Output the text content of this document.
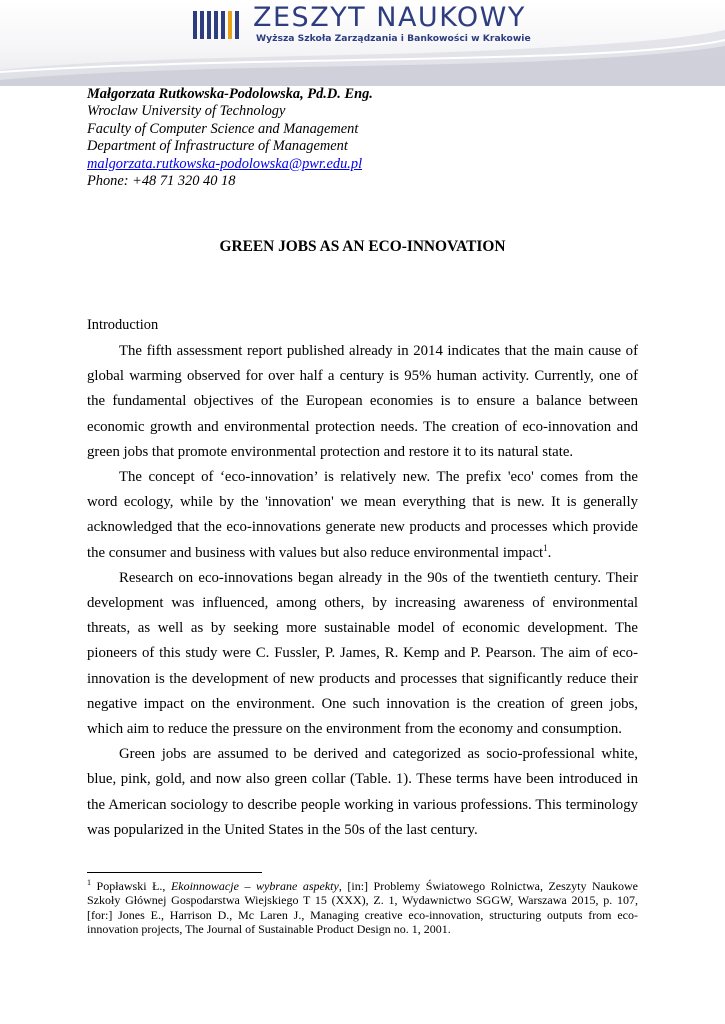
ZESZYT NAUKOWY
Wyższa Szkoła Zarządzania i Bankowości w Krakowie
Małgorzata Rutkowska-Podolowska, Pd.D. Eng.
Wroclaw University of Technology
Faculty of Computer Science and Management
Department of Infrastructure of Management
malgorzata.rutkowska-podolowska@pwr.edu.pl
Phone: +48 71 320 40 18
GREEN JOBS AS AN ECO-INNOVATION
Introduction

The fifth assessment report published already in 2014 indicates that the main cause of global warming observed for over half a century is 95% human activity. Currently, one of the fundamental objectives of the European economies is to ensure a balance between economic growth and environmental protection needs. The creation of eco-innovation and green jobs that promote environmental protection and restore it to its natural state.

The concept of ‘eco-innovation’ is relatively new. The prefix 'eco' comes from the word ecology, while by the 'innovation' we mean everything that is new. It is generally acknowledged that the eco-innovations generate new products and processes which provide the consumer and business with values but also reduce environmental impact$^1$.

Research on eco-innovations began already in the 90s of the twentieth century. Their development was influenced, among others, by increasing awareness of environmental threats, as well as by seeking more sustainable model of economic development. The pioneers of this study were C. Fussler, P. James, R. Kemp and P. Pearson. The aim of eco-innovation is the development of new products and processes that significantly reduce their negative impact on the environment. One such innovation is the creation of green jobs, which aim to reduce the pressure on the environment from the economy and consumption.

Green jobs are assumed to be derived and categorized as socio-professional white, blue, pink, gold, and now also green collar (Table. 1). These terms have been introduced in the American sociology to describe people working in various professions. This terminology was popularized in the United States in the 50s of the last century.

$^1$ Popławski Ł., Ekoinnowacje – wybrane aspekty, [in:] Problemy Światowego Rolnictwa, Zeszyty Naukowe Szkoły Głównej Gospodarstwa Wiejskiego T 15 (XXX), Z. 1, Wydawnictwo SGGW, Warszawa 2015, p. 107, [for:] Jones E., Harrison D., Mc Laren J., Managing creative eco-innovation, structuring outputs from eco-innovation projects, The Journal of Sustainable Product Design no. 1, 2001.
